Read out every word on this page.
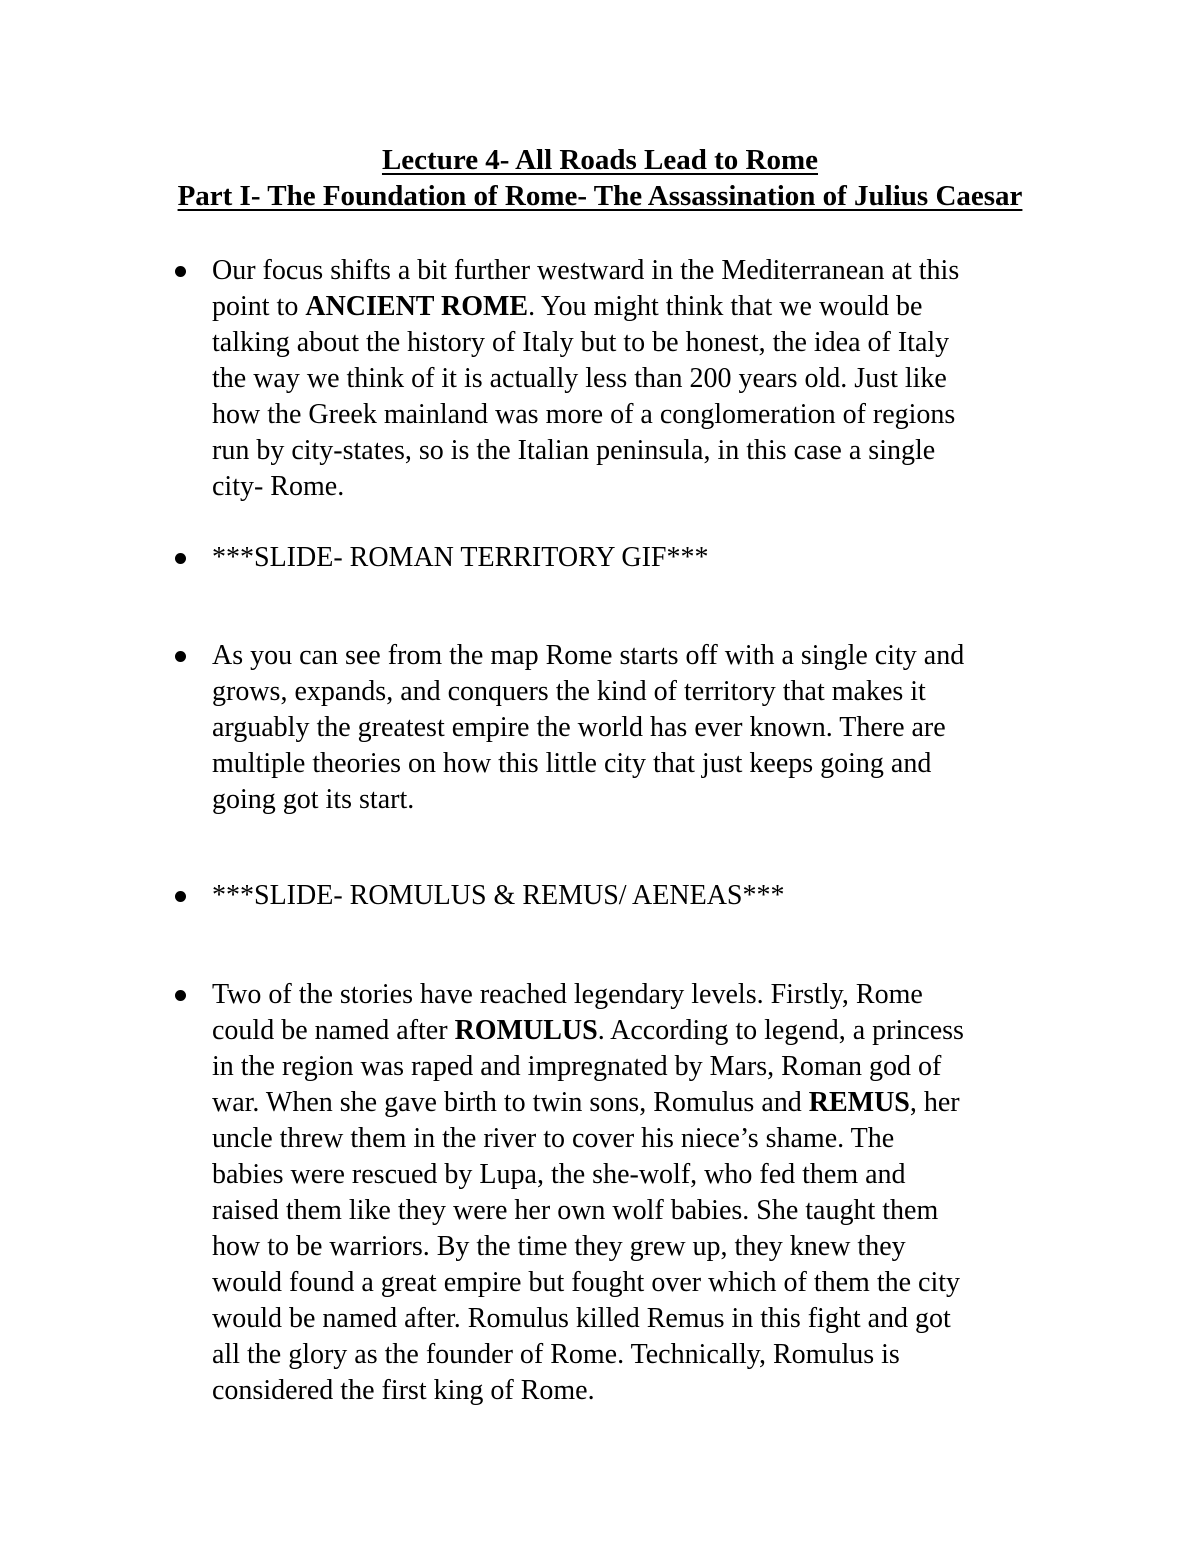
Lecture 4- All Roads Lead to Rome

Part I- The Foundation of Rome- The Assassination of Julius Caesar

Our focus shifts a bit further westward in the Mediterranean at this
point to ANCIENT ROME. You might think that we would be
talking about the history of Italy but to be honest, the idea of Italy
the way we think of it is actually less than 200 years old. Just like
how the Greek mainland was more of a conglomeration of regions
run by city-states, so is the Italian peninsula, in this case a single
city- Rome.
***SLIDE- ROMAN TERRITORY GIF***
As you can see from the map Rome starts off with a single city and
grows, expands, and conquers the kind of territory that makes it
arguably the greatest empire the world has ever known. There are
multiple theories on how this little city that just keeps going and
going got its start.
***SLIDE- ROMULUS & REMUS/ AENEAS***
Two of the stories have reached legendary levels. Firstly, Rome
could be named after ROMULUS. According to legend, a princess
in the region was raped and impregnated by Mars, Roman god of
war. When she gave birth to twin sons, Romulus and REMUS, her
uncle threw them in the river to cover his niece’s shame. The
babies were rescued by Lupa, the she-wolf, who fed them and
raised them like they were her own wolf babies. She taught them
how to be warriors. By the time they grew up, they knew they
would found a great empire but fought over which of them the city
would be named after. Romulus killed Remus in this fight and got
all the glory as the founder of Rome. Technically, Romulus is
considered the first king of Rome.
